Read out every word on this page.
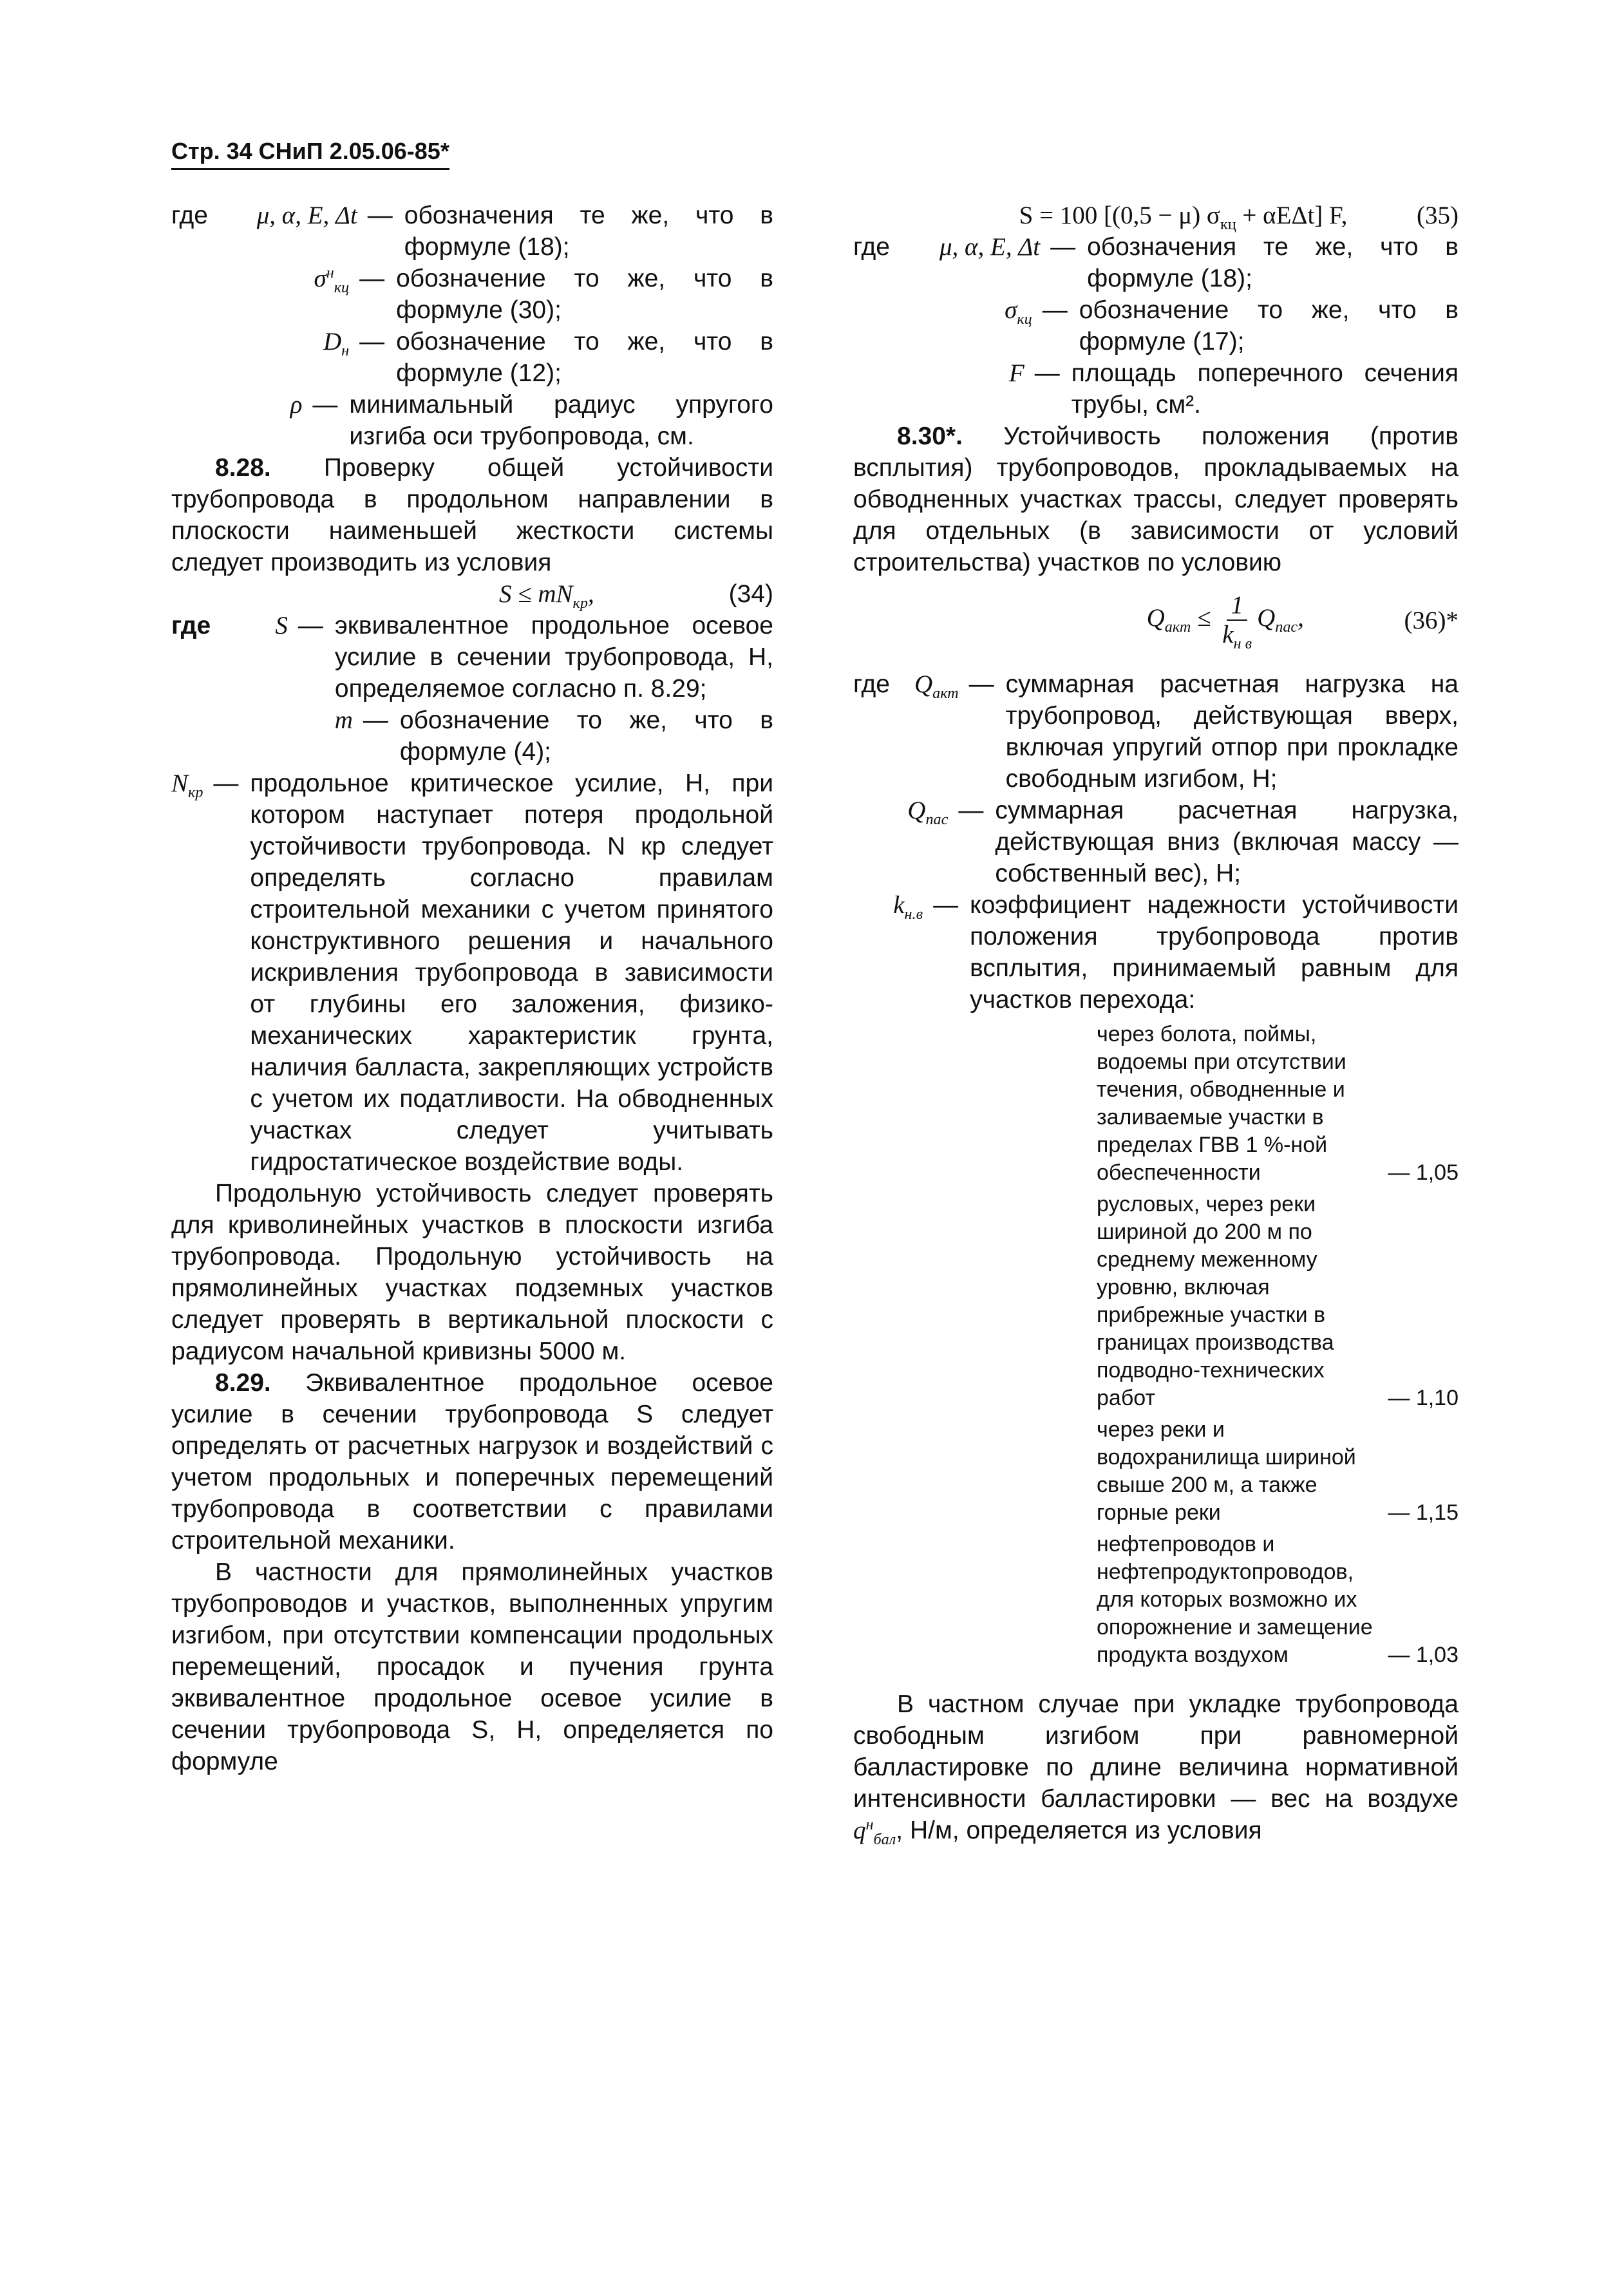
Стр. 34 СНиП 2.05.06-85*
где	μ, α, E, Δt — обозначения те же, что в формуле (18);
$\sigma^н_{кц}$ — обозначение то же, что в формуле (30);
$D_н$ — обозначение то же, что в формуле (12);
ρ — минимальный радиус упругого изгиба оси трубопровода, см.

8.28. Проверку общей устойчивости трубопровода в продольном направлении в плоскости наименьшей жесткости системы следует производить из условия

$S \le mN_{кр}$,	(34)
где	S — эквивалентное продольное осевое усилие в сечении трубопровода, Н, определяемое согласно п. 8.29;
m — обозначение то же, что в формуле (4);
$N_{кр}$ — продольное критическое усилие, Н, при котором наступает потеря продольной устойчивости трубопровода. N кр следует определять согласно правилам строительной механики с учетом принятого конструктивного решения и начального искривления трубопровода в зависимости от глубины его заложения, физико-механических характеристик грунта, наличия балласта, закрепляющих устройств с учетом их податливости. На обводненных участках следует учитывать гидростатическое воздействие воды.

Продольную устойчивость следует проверять для криволинейных участков в плоскости изгиба трубопровода. Продольную устойчивость на прямолинейных участках подземных участков следует проверять в вертикальной плоскости с радиусом начальной кривизны 5000 м.

8.29. Эквивалентное продольное осевое усилие в сечении трубопровода S следует определять от расчетных нагрузок и воздействий с учетом продольных и поперечных перемещений трубопровода в соответствии с правилами строительной механики.

В частности для прямолинейных участков трубопроводов и участков, выполненных упругим изгибом, при отсутствии компенсации продольных перемещений, просадок и пучения грунта эквивалентное продольное осевое усилие в сечении трубопровода S, Н, определяется по формуле

S = 100 [(0,5 − μ) $\sigma_{кц} + \alpha E\Delta t$] F,	(35)
где	μ, α, E, Δt — обозначения те же, что в формуле (18);
$\sigma_{кц}$ — обозначение то же, что в формуле (17);
F — площадь поперечного сечения трубы, см².

8.30*. Устойчивость положения (против всплытия) трубопроводов, прокладываемых на обводненных участках трассы, следует проверять для отдельных (в зависимости от условий строительства) участков по условию

$Q_{акт} \le \frac{1}{k_{н в}} Q_{пас}$,	(36)*
где $Q_{акт}$ — суммарная расчетная нагрузка на трубопровод, действующая вверх, включая упругий отпор при прокладке свободным изгибом, Н;
$Q_{пас}$ — суммарная расчетная нагрузка, действующая вниз (включая массу — собственный вес), Н;
$k_{н.в}$ — коэффициент надежности устойчивости положения трубопровода против всплытия, принимаемый равным для участков перехода:
через болота, поймы, водоемы при отсутствии течения, обводненные и заливаемые участки в пределах ГВВ 1 %-ной обеспеченности	— 1,05
русловых, через реки шириной до 200 м по среднему меженному уровню, включая прибрежные участки в границах производства подводно-технических работ	— 1,10
через реки и водохранилища шириной свыше 200 м, а также горные реки	— 1,15
нефтепроводов и нефтепродуктопроводов, для которых возможно их опорожнение и замещение продукта воздухом	— 1,03

В частном случае при укладке трубопровода свободным изгибом при равномерной балластировке по длине величина нормативной интенсивности балластировки — вес на воздухе $q^н_{бал}$, Н/м, определяется из условия
